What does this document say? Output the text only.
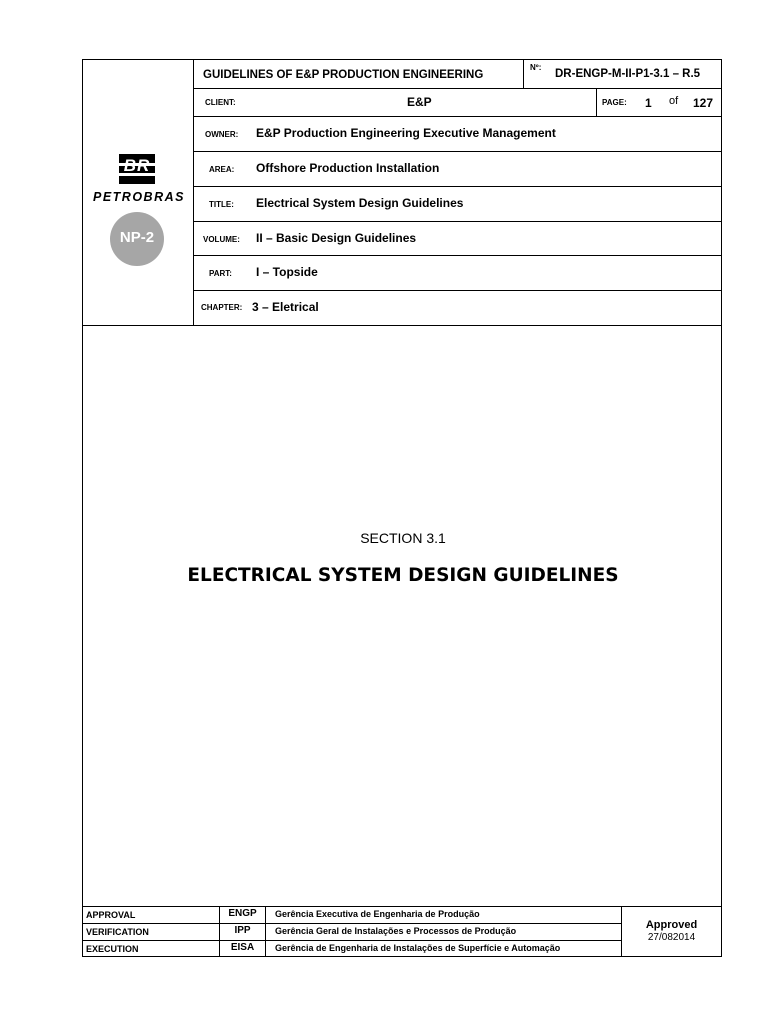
BR
PETROBRAS
NP-2
GUIDELINES OF E&P PRODUCTION ENGINEERING
Nº:
DR-ENGP-M-II-P1-3.1 – R.5
CLIENT:	E&P	PAGE: 1 of 127
OWNER: E&P Production Engineering Executive Management
AREA: Offshore Production Installation
TITLE: Electrical System Design Guidelines
VOLUME: II – Basic Design Guidelines
PART: I – Topside
CHAPTER: 3 – Eletrical
SECTION 3.1
ELECTRICAL SYSTEM DESIGN GUIDELINES
APPROVAL	ENGP	Gerência Executiva de Engenharia de Produção
VERIFICATION	IPP	Gerência Geral de Instalações e Processos de Produção
EXECUTION	EISA	Gerência de Engenharia de Instalações de Superfície e Automação
Approved
27/082014
